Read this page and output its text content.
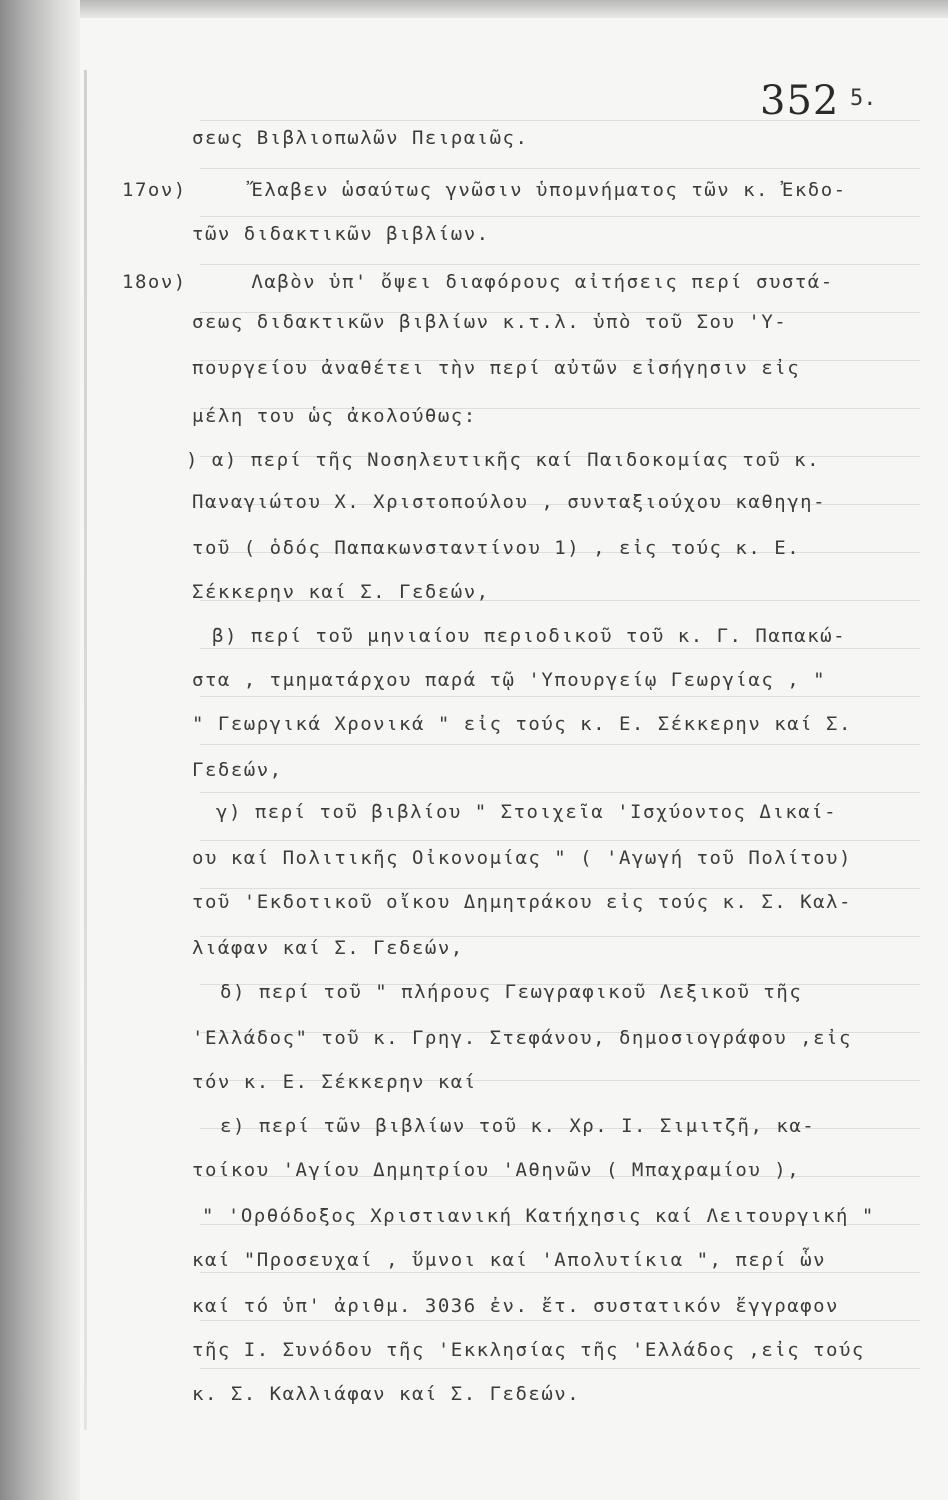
352 5.
σεως Βιβλιοπωλῶν Πειραιῶς.
17ον)     Ἔλαβεν ὡσαύτως γνῶσιν ὑπομνήματος τῶν κ. Ἐκδο-
τῶν διδακτικῶν βιβλίων.
18ον)     Λαβὸν ὑπ' ὄψει διαφόρους αἰτήσεις περί συστά-
σεως διδακτικῶν βιβλίων κ.τ.λ. ὑπὸ τοῦ Σου 'Υ-
πουργείου ἀναθέτει τὴν περί αὐτῶν εἰσήγησιν εἰς
μέλη του ὡς ἀκολούθως:
) α) περί τῆς Νοσηλευτικῆς καί Παιδοκομίας τοῦ κ.
Παναγιώτου Χ. Χριστοπούλου , συνταξιούχου καθηγη-
τοῦ ( ὁδός Παπακωνσταντίνου 1) , εἰς τούς κ. Ε.
Σέκκερην καί Σ. Γεδεών,
β) περί τοῦ μηνιαίου περιοδικοῦ τοῦ κ. Γ. Παπακώ-
στα , τμηματάρχου παρά τῷ 'Υπουργείῳ Γεωργίας , "
" Γεωργικά Χρονικά " εἰς τούς κ. Ε. Σέκκερην καί Σ.
Γεδεών,
γ) περί τοῦ βιβλίου " Στοιχεῖα 'Ισχύοντος Δικαί-
ου καί Πολιτικῆς Οἰκονομίας " ( 'Αγωγή τοῦ Πολίτου)
τοῦ 'Εκδοτικοῦ οἴκου Δημητράκου εἰς τούς κ. Σ. Καλ-
λιάφαν καί Σ. Γεδεών,
δ) περί τοῦ " πλήρους Γεωγραφικοῦ Λεξικοῦ τῆς
'Ελλάδος" τοῦ κ. Γρηγ. Στεφάνου, δημοσιογράφου ,εἰς
τόν κ. Ε. Σέκκερην καί
ε) περί τῶν βιβλίων τοῦ κ. Χρ. Ι. Σιμιτζῆ, κα-
τοίκου 'Αγίου Δημητρίου 'Αθηνῶν ( Μπαχραμίου ),
" 'Ορθόδοξος Χριστιανική Κατήχησις καί Λειτουργική "
καί "Προσευχαί , ὕμνοι καί 'Απολυτίκια ", περί ὧν
καί τό ὑπ' ἀριθμ. 3036 ἐν. ἔτ. συστατικόν ἔγγραφον
τῆς Ι. Συνόδου τῆς 'Εκκλησίας τῆς 'Ελλάδος ,εἰς τούς
κ. Σ. Καλλιάφαν καί Σ. Γεδεών.
